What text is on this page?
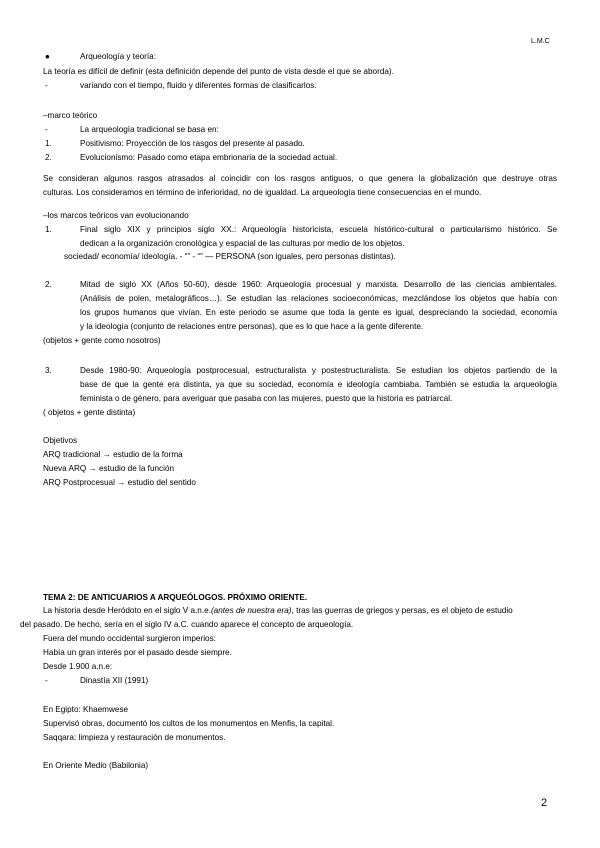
L.M.C
●	Arqueología y teoría:
La teoría es difícil de definir (esta definición depende del punto de vista desde el que se aborda).
-	variando con el tiempo, fluido y diferentes formas de clasificarlos.
–marco teórico
-	La arqueología tradicional se basa en:
1.	Positivismo: Proyección de los rasgos del presente al pasado.
2.	Evolucionismo: Pasado como etapa embrionaria de la sociedad actual.
Se consideran algunos rasgos atrasados al coincidir con los rasgos antiguos, o que genera la globalización que destruye otras
culturas. Los consideramos en término de inferioridad, no de igualdad. La arqueología tiene consecuencias en el mundo.
–los marcos teóricos van evolucionando
1.	Final siglo XIX y principios siglo XX.: Arqueología historicista, escuela histórico-cultural o particularismo histórico. Se
dedican a la organización cronológica y espacial de las culturas por medio de los objetos.
sociedad/ economía/ ideología. - “” - “” — PERSONA (son iguales, pero personas distintas).
2.	Mitad de siglo XX (Años 50-60), desde 1960: Arqueología procesual y marxista. Desarrollo de las ciencias ambientales.
(Análisis de polen, metalográficos…). Se estudian las relaciones socioeconómicas, mezclándose los objetos que había con
los grupos humanos que vivían. En este periodo se asume que toda la gente es igual, despreciando la sociedad, economía
y la ideología (conjunto de relaciones entre personas), que es lo que hace a la gente diferente.
(objetos + gente como nosotros)
3.	Desde 1980-90: Arqueología postprocesual, estructuralista y postestructuralista. Se estudian los objetos partiendo de la
base de que la gente era distinta, ya que su sociedad, economía e ideología cambiaba. También se estudia la arqueología
feminista o de género, para averiguar que pasaba con las mujeres, puesto que la historia es patriarcal.
( objetos + gente distinta)
Objetivos
ARQ tradicional → estudio de la forma
Nueva ARQ → estudio de la función
ARQ Postprocesual → estudio del sentido
TEMA 2: DE ANTICUARIOS A ARQUEÓLOGOS. PRÓXIMO ORIENTE.
La historia desde Heródoto en el siglo V a.n.e.(antes de nuestra era), tras las guerras de griegos y persas, es el objeto de estudio
del pasado. De hecho, sería en el siglo IV a.C. cuando aparece el concepto de arqueología.
Fuera del mundo occidental surgieron imperios:
Había un gran interés por el pasado desde siempre.
Desde 1.900 a.n.e:
-	Dinastía XII (1991)
En Egipto: Khaemwese
Supervisó obras, documentó los cultos de los monumentos en Menfis, la capital.
Saqqara: limpieza y restauración de monumentos.
En Oriente Medio (Babilonia)
2
